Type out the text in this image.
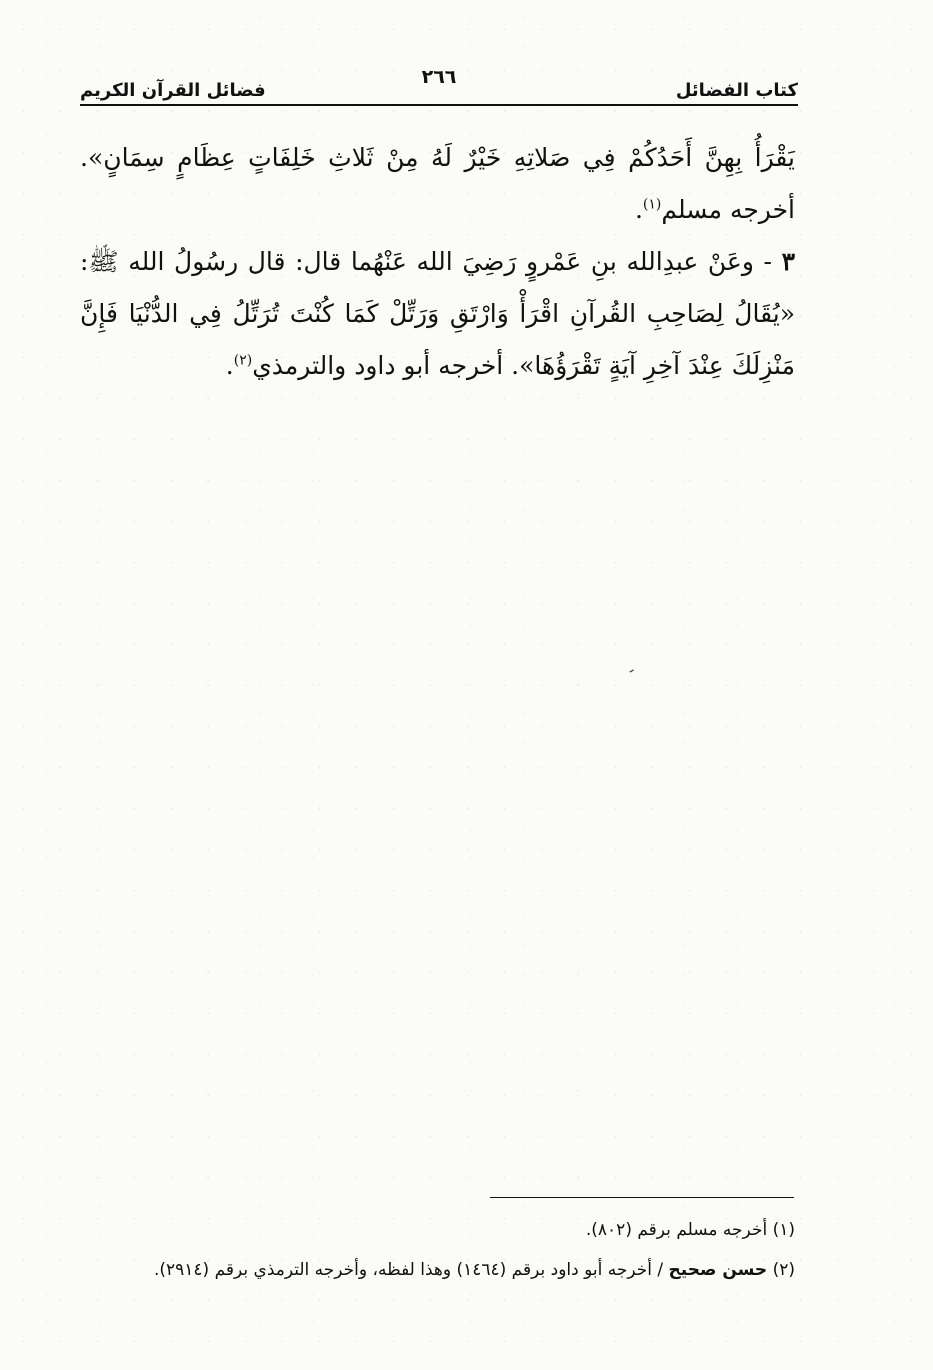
كتاب الفضائل
٢٦٦
فضائل القرآن الكريم

يَقْرَأُ بِهِنَّ أَحَدُكُمْ فِي صَلاتِهِ خَيْرٌ لَهُ مِنْ ثَلاثِ خَلِفَاتٍ عِظَامٍ سِمَانٍ». أخرجه مسلم$^{(١)}$.

٣ - وعَنْ عبدِالله بنِ عَمْروٍ رَضِيَ الله عَنْهُما قال: قال رسُولُ الله ﷺ: «يُقَالُ لِصَاحِبِ القُرآنِ اقْرَأْ وَارْتَقِ وَرَتِّلْ كَمَا كُنْتَ تُرَتِّلُ فِي الدُّنْيَا فَإِنَّ مَنْزِلَكَ عِنْدَ آخِرِ آيَةٍ تَقْرَؤُهَا». أخرجه أبو داود والترمذي$^{(٢)}$.

ـ

(١) أخرجه مسلم برقم (٨٠٢).

(٢) حسن صحيح / أخرجه أبو داود برقم (١٤٦٤) وهذا لفظه، وأخرجه الترمذي برقم (٢٩١٤).
